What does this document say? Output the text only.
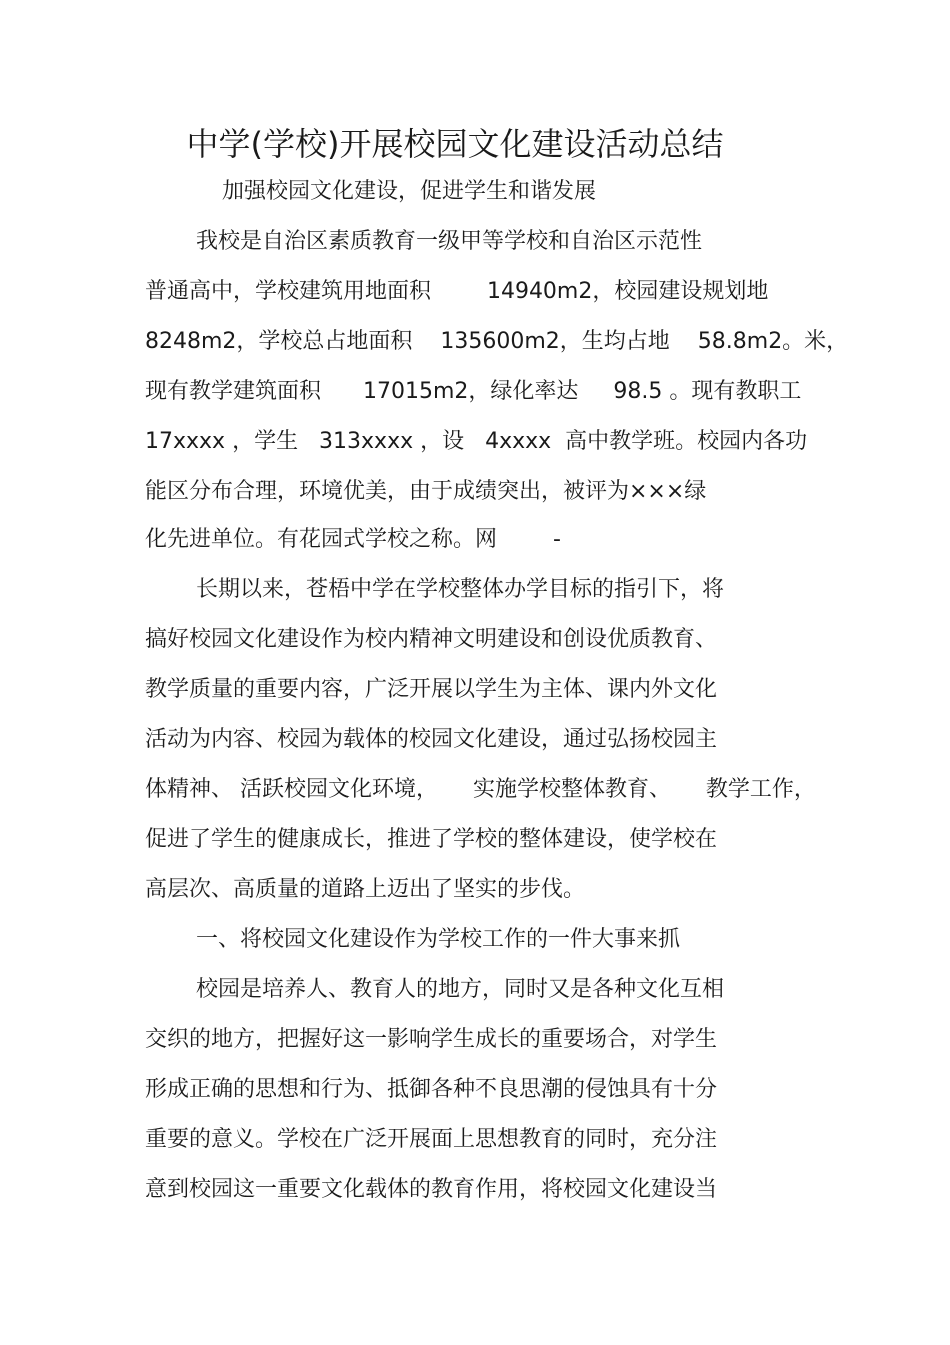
中学(学校)开展校园文化建设活动总结
加强校园文化建设，促进学生和谐发展
我校是自治区素质教育一级甲等学校和自治区示范性
普通高中，学校建筑用地面积        14940m2，校园建设规划地
8248m2，学校总占地面积    135600m2，生均占地    58.8m2。米，
现有教学建筑面积      17015m2，绿化率达     98.5 。现有教职工
17xxxx ，学生   313xxxx ，设   4xxxx  高中教学班。校园内各功
能区分布合理，环境优美，由于成绩突出，被评为×××绿
化先进单位。有花园式学校之称。网        -
长期以来，苍梧中学在学校整体办学目标的指引下，将
搞好校园文化建设作为校内精神文明建设和创设优质教育、
教学质量的重要内容，广泛开展以学生为主体、课内外文化
活动为内容、校园为载体的校园文化建设，通过弘扬校园主
体精神、 活跃校园文化环境，     实施学校整体教育、     教学工作，
促进了学生的健康成长，推进了学校的整体建设，使学校在
高层次、高质量的道路上迈出了坚实的步伐。
一、将校园文化建设作为学校工作的一件大事来抓
校园是培养人、教育人的地方，同时又是各种文化互相
交织的地方，把握好这一影响学生成长的重要场合，对学生
形成正确的思想和行为、抵御各种不良思潮的侵蚀具有十分
重要的意义。学校在广泛开展面上思想教育的同时，充分注
意到校园这一重要文化载体的教育作用，将校园文化建设当
